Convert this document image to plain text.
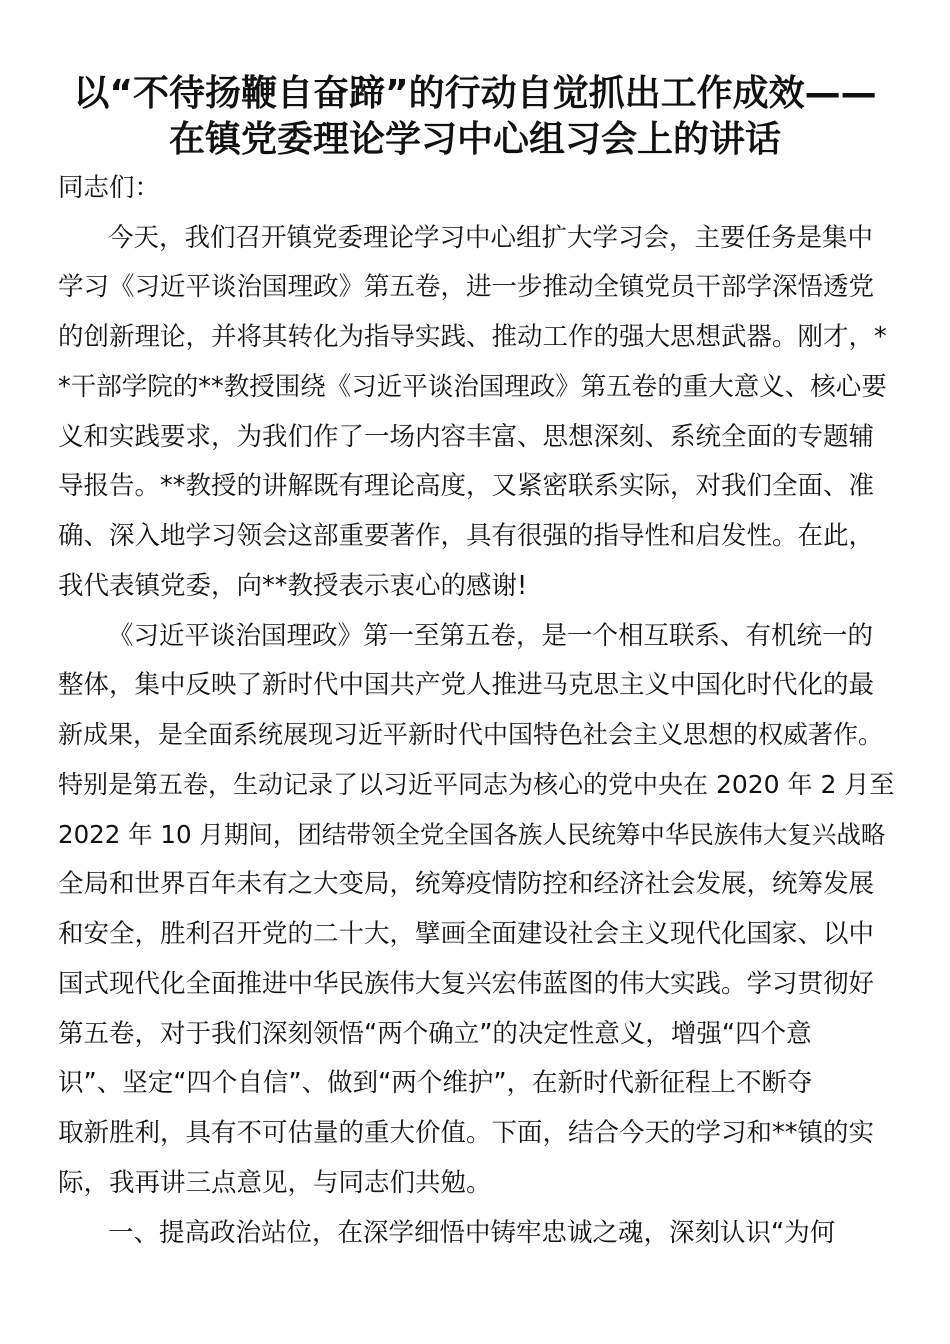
以“不待扬鞭自奋蹄”的行动自觉抓出工作成效——
在镇党委理论学习中心组习会上的讲话
同志们：
今天，我们召开镇党委理论学习中心组扩大学习会，主要任务是集中
学习《习近平谈治国理政》第五卷，进一步推动全镇党员干部学深悟透党
的创新理论，并将其转化为指导实践、推动工作的强大思想武器。刚才，*
*干部学院的**教授围绕《习近平谈治国理政》第五卷的重大意义、核心要
义和实践要求，为我们作了一场内容丰富、思想深刻、系统全面的专题辅
导报告。**教授的讲解既有理论高度，又紧密联系实际，对我们全面、准
确、深入地学习领会这部重要著作，具有很强的指导性和启发性。在此，
我代表镇党委，向**教授表示衷心的感谢!
《习近平谈治国理政》第一至第五卷，是一个相互联系、有机统一的
整体，集中反映了新时代中国共产党人推进马克思主义中国化时代化的最
新成果，是全面系统展现习近平新时代中国特色社会主义思想的权威著作。
特别是第五卷，生动记录了以习近平同志为核心的党中央在 2020 年 2 月至
2022 年 10 月期间，团结带领全党全国各族人民统筹中华民族伟大复兴战略
全局和世界百年未有之大变局，统筹疫情防控和经济社会发展，统筹发展
和安全，胜利召开党的二十大，擘画全面建设社会主义现代化国家、以中
国式现代化全面推进中华民族伟大复兴宏伟蓝图的伟大实践。学习贯彻好
第五卷，对于我们深刻领悟“两个确立”的决定性意义，增强“四个意
识”、坚定“四个自信”、做到“两个维护”，在新时代新征程上不断夺
取新胜利，具有不可估量的重大价值。下面，结合今天的学习和**镇的实
际，我再讲三点意见，与同志们共勉。
一、提高政治站位，在深学细悟中铸牢忠诚之魂，深刻认识“为何
